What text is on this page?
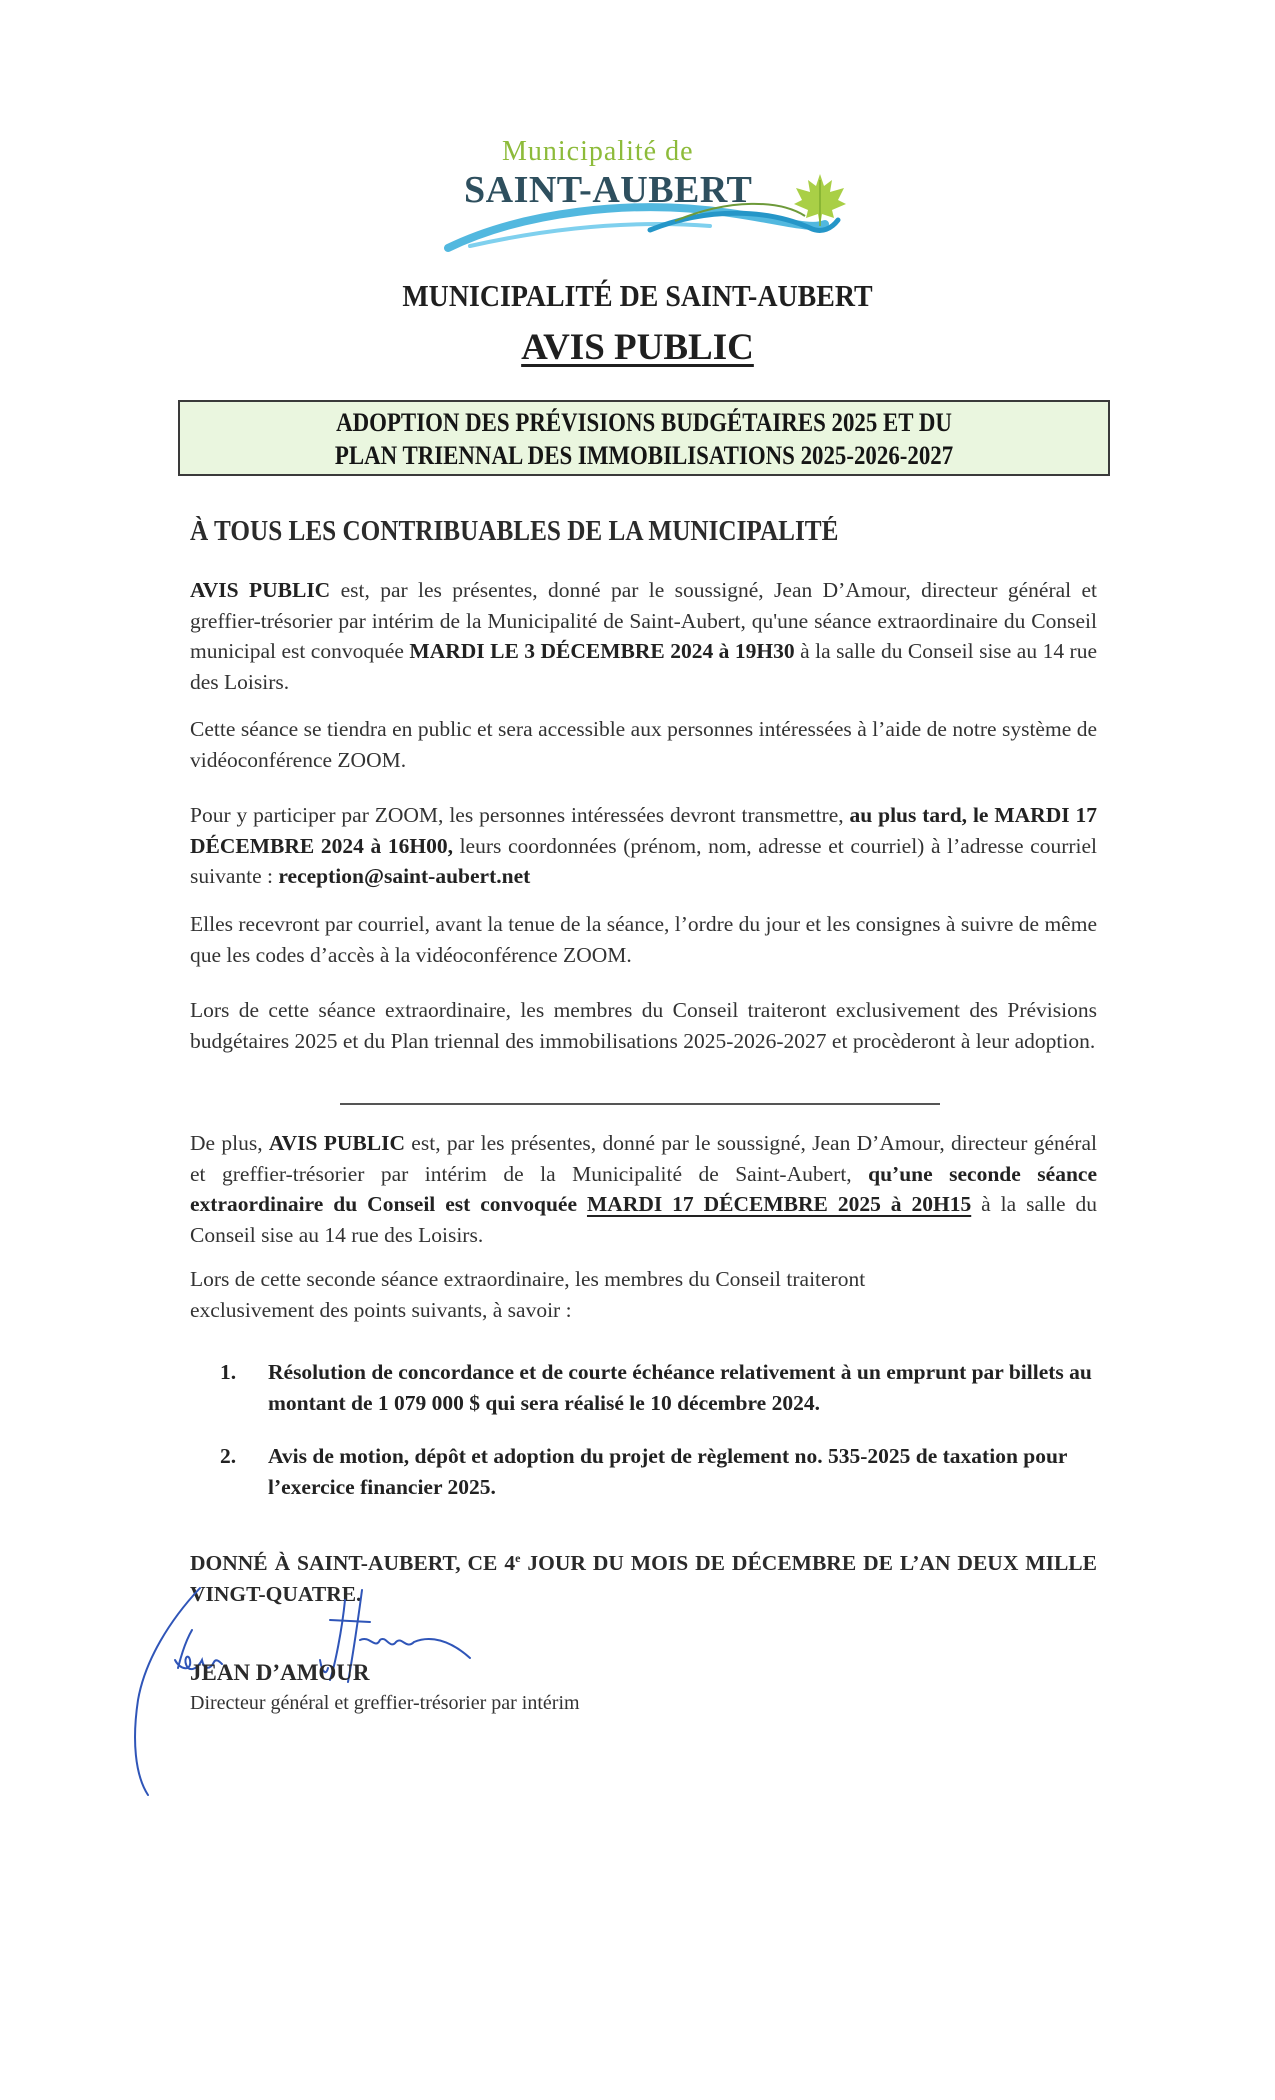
Municipalité de
SAINT-AUBERT
MUNICIPALITÉ DE SAINT-AUBERT
AVIS PUBLIC
ADOPTION DES PRÉVISIONS BUDGÉTAIRES 2025 ET DU
PLAN TRIENNAL DES IMMOBILISATIONS 2025-2026-2027
À TOUS LES CONTRIBUABLES DE LA MUNICIPALITÉ
AVIS PUBLIC est, par les présentes, donné par le soussigné, Jean D’Amour, directeur général et greffier-trésorier par intérim de la Municipalité de Saint-Aubert, qu'une séance extraordinaire du Conseil municipal est convoquée MARDI LE 3 DÉCEMBRE 2024 à 19H30 à la salle du Conseil sise au 14 rue des Loisirs.
Cette séance se tiendra en public et sera accessible aux personnes intéressées à l’aide de notre système de vidéoconférence ZOOM.
Pour y participer par ZOOM, les personnes intéressées devront transmettre, au plus tard, le MARDI 17 DÉCEMBRE 2024 à 16H00, leurs coordonnées (prénom, nom, adresse et courriel) à l’adresse courriel suivante : reception@saint-aubert.net
Elles recevront par courriel, avant la tenue de la séance, l’ordre du jour et les consignes à suivre de même que les codes d’accès à la vidéoconférence ZOOM.
Lors de cette séance extraordinaire, les membres du Conseil traiteront exclusivement des Prévisions budgétaires 2025 et du Plan triennal des immobilisations 2025-2026-2027 et procèderont à leur adoption.
De plus, AVIS PUBLIC est, par les présentes, donné par le soussigné, Jean D’Amour, directeur général et greffier-trésorier par intérim de la Municipalité de Saint-Aubert, qu’une seconde séance extraordinaire du Conseil est convoquée MARDI 17 DÉCEMBRE 2025 à 20H15 à la salle du Conseil sise au 14 rue des Loisirs.
Lors de cette seconde séance extraordinaire, les membres du Conseil traiteront
exclusivement des points suivants, à savoir :
1.	Résolution de concordance et de courte échéance relativement à un emprunt par billets au montant de 1 079 000 $ qui sera réalisé le 10 décembre 2024.
2.	Avis de motion, dépôt et adoption du projet de règlement no. 535-2025 de taxation pour l’exercice financier 2025.
DONNÉ À SAINT-AUBERT, CE 4e JOUR DU MOIS DE DÉCEMBRE DE L’AN DEUX MILLE VINGT-QUATRE.
JEAN D’AMOUR
Directeur général et greffier-trésorier par intérim
